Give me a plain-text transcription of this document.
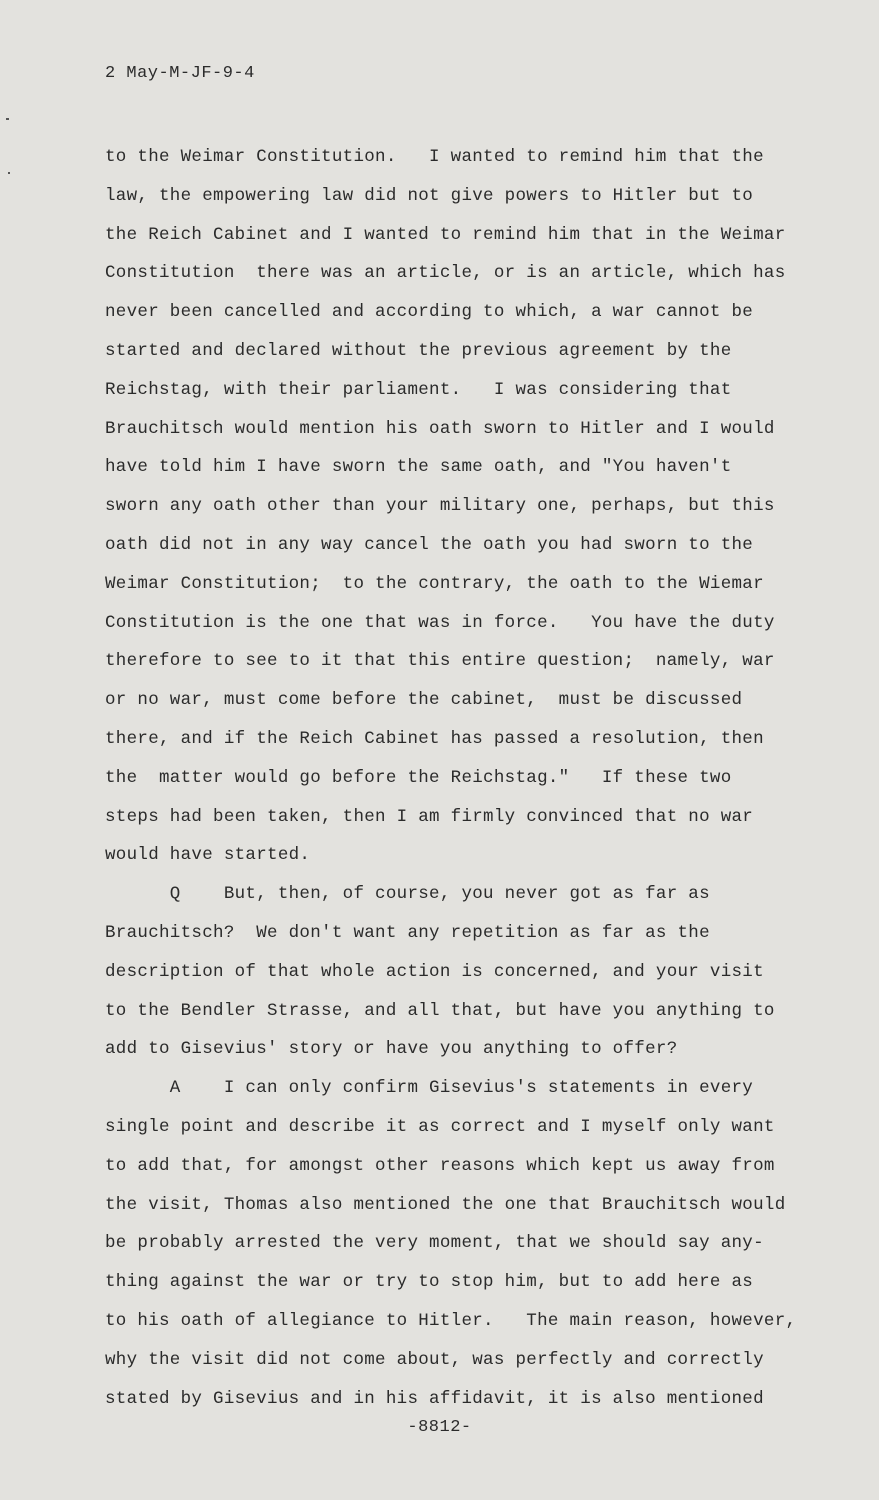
2 May-M-JF-9-4
to the Weimar Constitution.   I wanted to remind him that the
law, the empowering law did not give powers to Hitler but to
the Reich Cabinet and I wanted to remind him that in the Weimar
Constitution  there was an article, or is an article, which has
never been cancelled and according to which, a war cannot be
started and declared without the previous agreement by the
Reichstag, with their parliament.   I was considering that
Brauchitsch would mention his oath sworn to Hitler and I would
have told him I have sworn the same oath, and "You haven't
sworn any oath other than your military one, perhaps, but this
oath did not in any way cancel the oath you had sworn to the
Weimar Constitution;  to the contrary, the oath to the Wiemar
Constitution is the one that was in force.   You have the duty
therefore to see to it that this entire question;  namely, war
or no war, must come before the cabinet,  must be discussed
there, and if the Reich Cabinet has passed a resolution, then
the  matter would go before the Reichstag."   If these two
steps had been taken, then I am firmly convinced that no war
would have started.
Q    But, then, of course, you never got as far as
Brauchitsch?  We don't want any repetition as far as the
description of that whole action is concerned, and your visit
to the Bendler Strasse, and all that, but have you anything to
add to Gisevius' story or have you anything to offer?
A    I can only confirm Gisevius's statements in every
single point and describe it as correct and I myself only want
to add that, for amongst other reasons which kept us away from
the visit, Thomas also mentioned the one that Brauchitsch would
be probably arrested the very moment, that we should say any-
thing against the war or try to stop him, but to add here as
to his oath of allegiance to Hitler.   The main reason, however,
why the visit did not come about, was perfectly and correctly
stated by Gisevius and in his affidavit, it is also mentioned
-8812-
